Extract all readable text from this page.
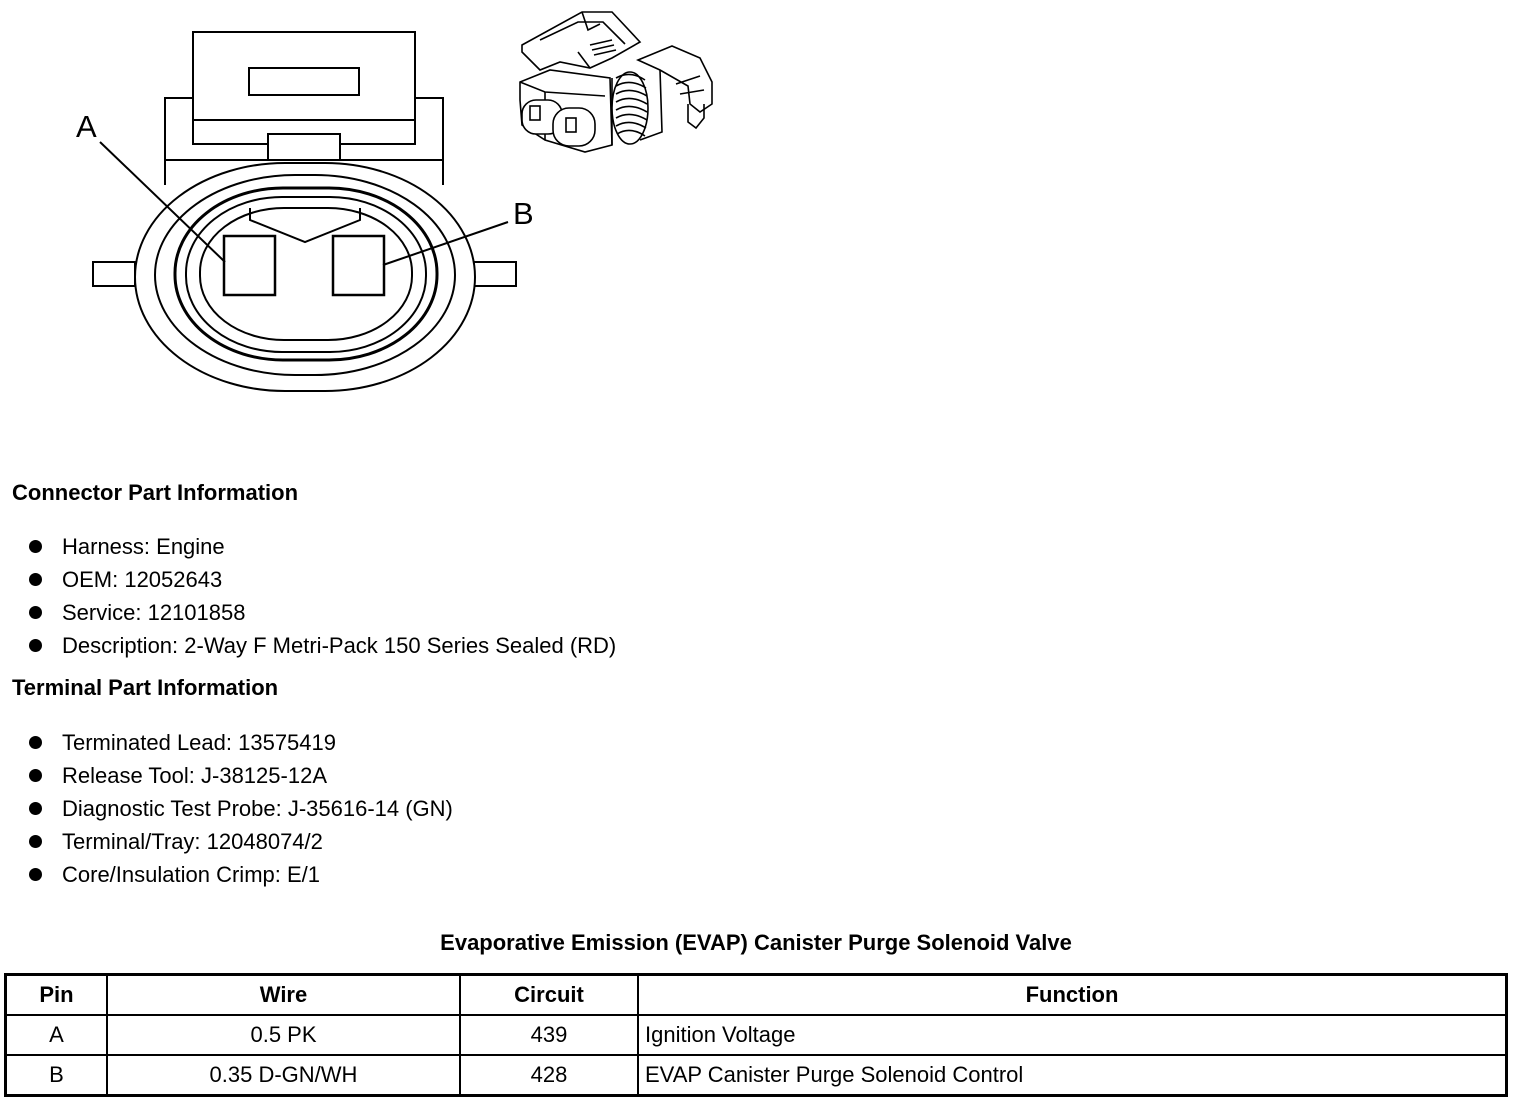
A
B
Connector Part Information
Harness: Engine
OEM: 12052643
Service: 12101858
Description: 2-Way F Metri-Pack 150 Series Sealed (RD)
Terminal Part Information
Terminated Lead: 13575419
Release Tool: J-38125-12A
Diagnostic Test Probe: J-35616-14 (GN)
Terminal/Tray: 12048074/2
Core/Insulation Crimp: E/1
Evaporative Emission (EVAP) Canister Purge Solenoid Valve
Pin	Wire	Circuit	Function
A	0.5 PK	439	Ignition Voltage
B	0.35 D-GN/WH	428	EVAP Canister Purge Solenoid Control
